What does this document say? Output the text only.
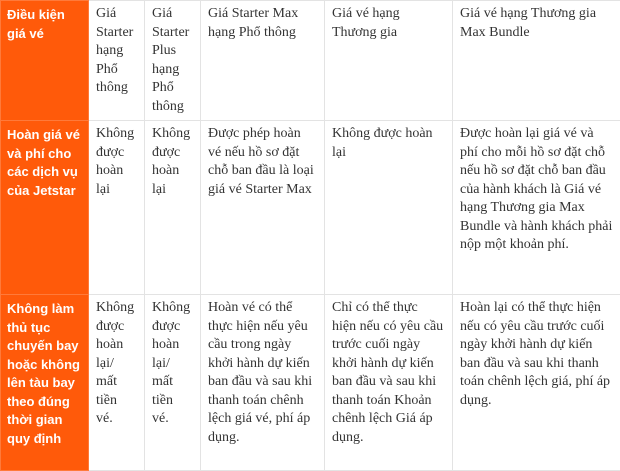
Điều kiện giá vé	Giá Starter hạng Phổ thông	Giá Starter Plus hạng Phổ thông	Giá Starter Max hạng Phổ thông	Giá vé hạng Thương gia	Giá vé hạng Thương gia Max Bundle
Hoàn giá vé và phí cho các dịch vụ của Jetstar	Không được hoàn lại	Không được hoàn lại	Được phép hoàn vé nếu hồ sơ đặt chỗ ban đầu là loại giá vé Starter Max	Không được hoàn lại	Được hoàn lại giá vé và phí cho mỗi hồ sơ đặt chỗ nếu hồ sơ đặt chỗ ban đầu của hành khách là Giá vé hạng Thương gia Max Bundle và hành khách phải nộp một khoản phí.
Không làm thủ tục chuyến bay hoặc không lên tàu bay theo đúng thời gian quy định	Không được hoàn lại/ mất tiền vé.	Không được hoàn lại/ mất tiền vé.	Hoàn vé có thể thực hiện nếu yêu cầu trong ngày khởi hành dự kiến ban đầu và sau khi thanh toán chênh lệch giá vé, phí áp dụng.	Chỉ có thể thực hiện nếu có yêu cầu trước cuối ngày khởi hành dự kiến ban đầu và sau khi thanh toán Khoản chênh lệch Giá áp dụng.	Hoàn lại có thể thực hiện nếu có yêu cầu trước cuối ngày khởi hành dự kiến ban đầu và sau khi thanh toán chênh lệch giá, phí áp dụng.
